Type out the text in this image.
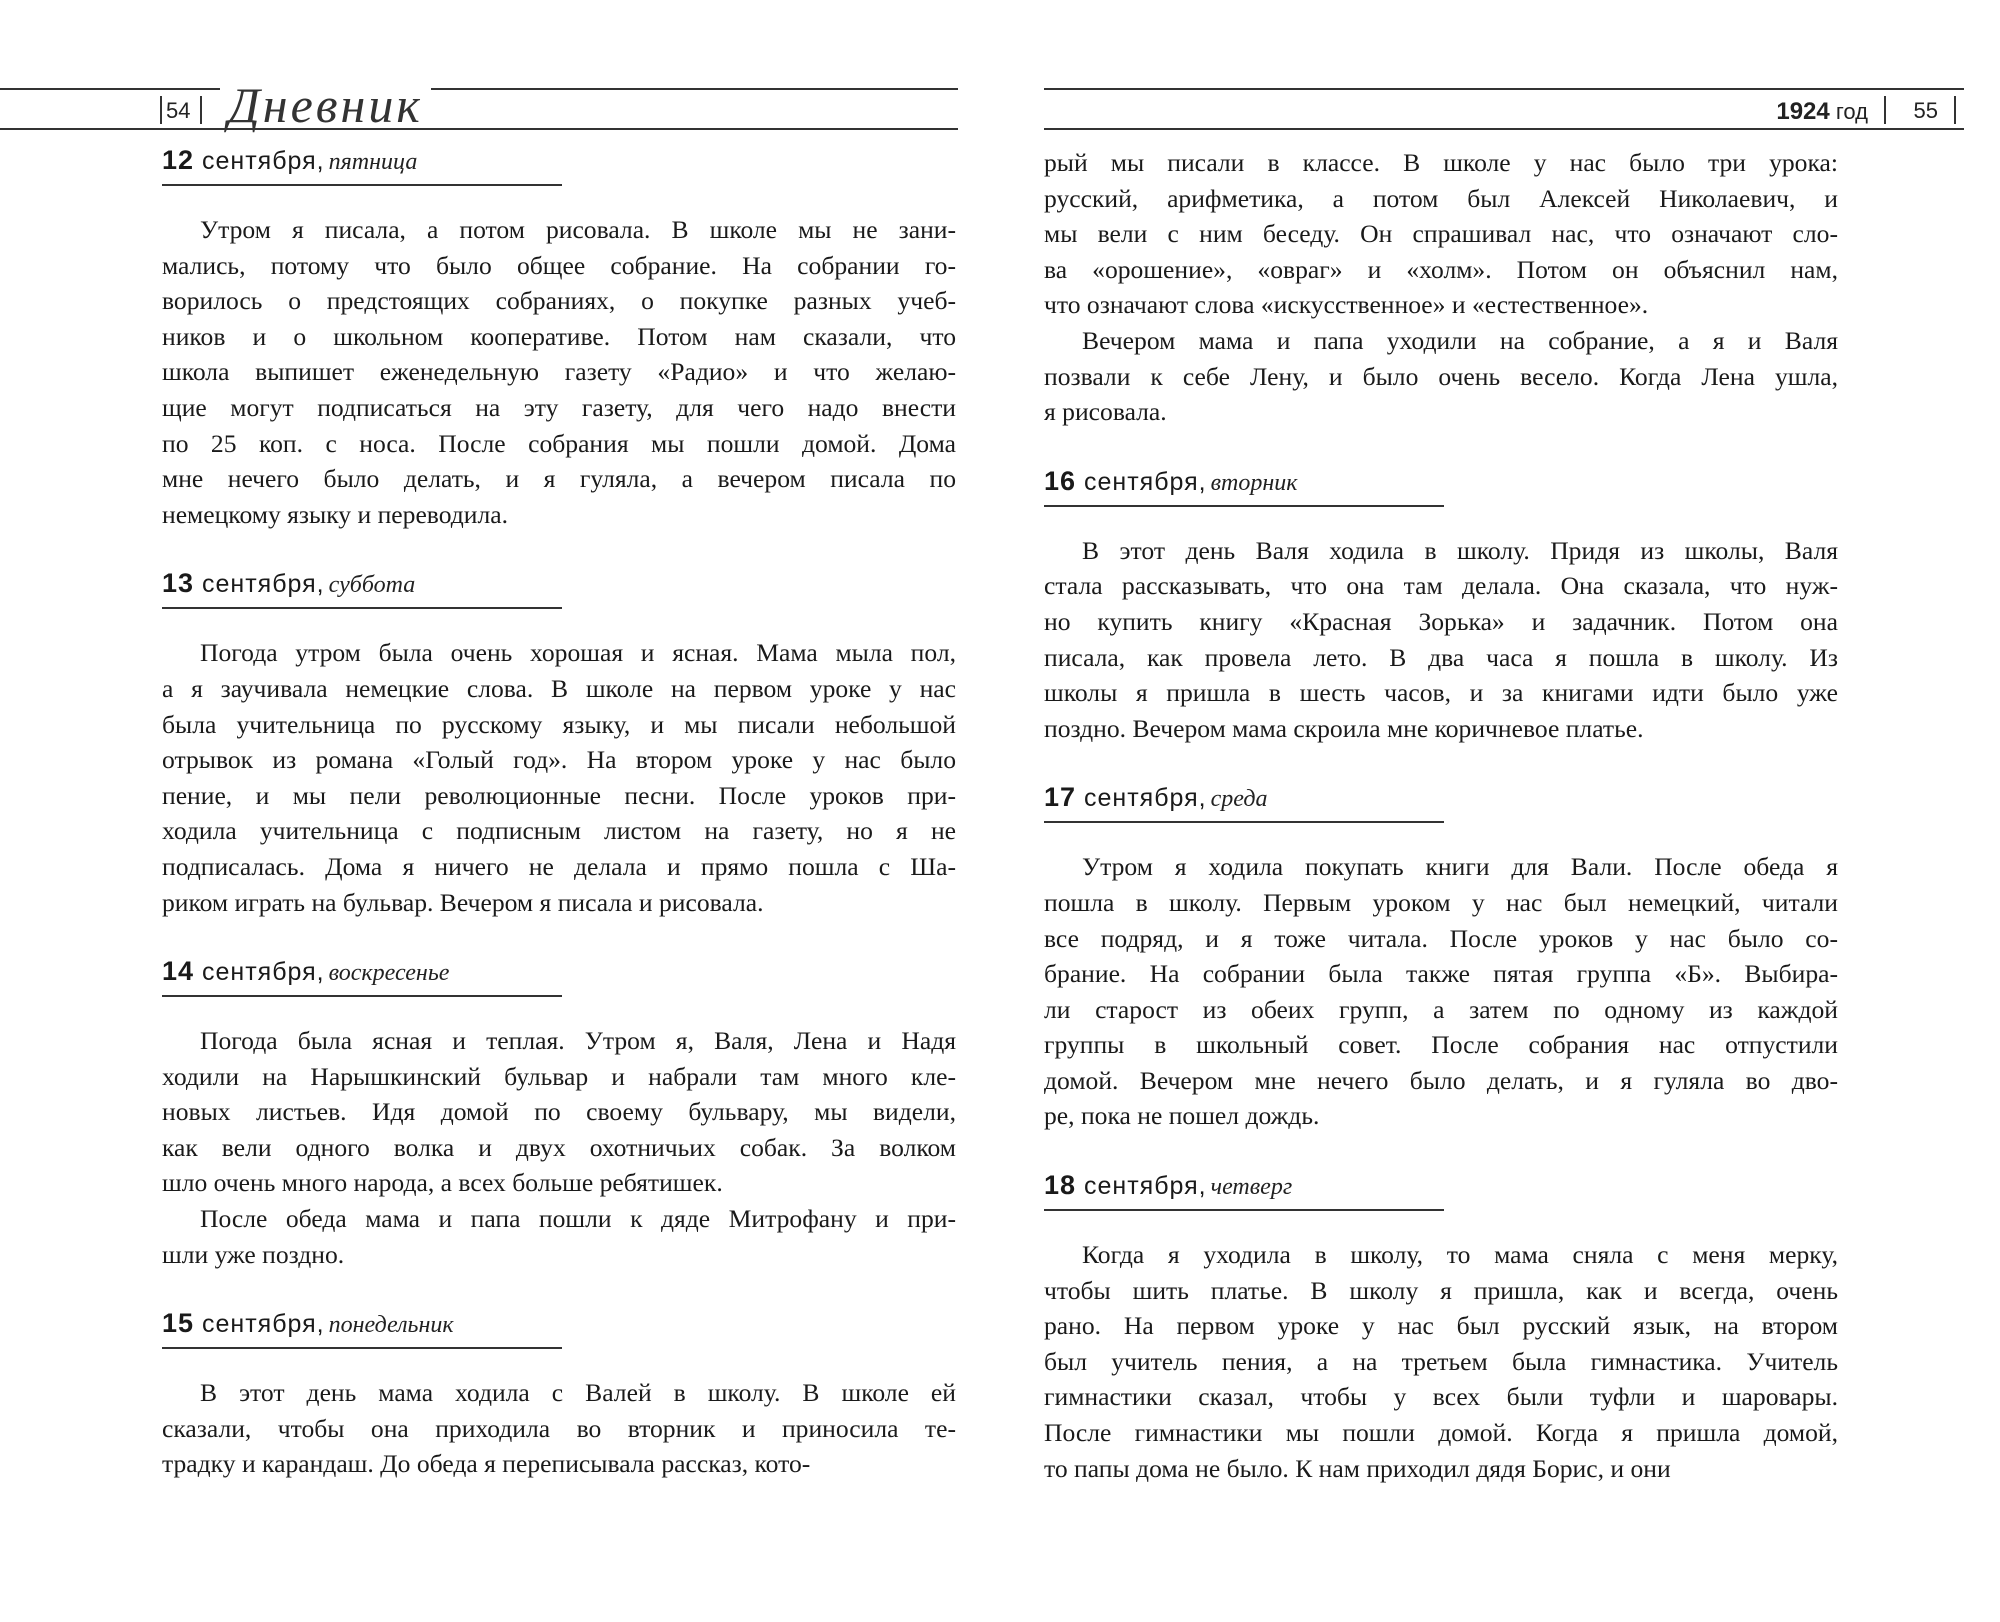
54 Дневник
12 сентября, пятница

Утром я писала, а потом рисовала. В школе мы не зани-
мались, потому что было общее собрание. На собрании го-
ворилось о предстоящих собраниях, о покупке разных учеб-
ников и о школьном кооперативе. Потом нам сказали, что
школа выпишет еженедельную газету «Радио» и что желаю-
щие могут подписаться на эту газету, для чего надо внести
по 25 коп. с носа. После собрания мы пошли домой. Дома
мне нечего было делать, и я гуляла, а вечером писала по
немецкому языку и переводила.

13 сентября, суббота

Погода утром была очень хорошая и ясная. Мама мыла пол,
а я заучивала немецкие слова. В школе на первом уроке у нас
была учительница по русскому языку, и мы писали небольшой
отрывок из романа «Голый год». На втором уроке у нас было
пение, и мы пели революционные песни. После уроков при-
ходила учительница с подписным листом на газету, но я не
подписалась. Дома я ничего не делала и прямо пошла с Ша-
риком играть на бульвар. Вечером я писала и рисовала.

14 сентября, воскресенье

Погода была ясная и теплая. Утром я, Валя, Лена и Надя
ходили на Нарышкинский бульвар и набрали там много кле-
новых листьев. Идя домой по своему бульвару, мы видели,
как вели одного волка и двух охотничьих собак. За волком
шло очень много народа, а всех больше ребятишек.

После обеда мама и папа пошли к дяде Митрофану и при-
шли уже поздно.

15 сентября, понедельник

В этот день мама ходила с Валей в школу. В школе ей
сказали, чтобы она приходила во вторник и приносила те-
традку и карандаш. До обеда я переписывала рассказ, кото-

1924 год 55

рый мы писали в классе. В школе у нас было три урока:
русский, арифметика, а потом был Алексей Николаевич, и
мы вели с ним беседу. Он спрашивал нас, что означают сло-
ва «орошение», «овраг» и «холм». Потом он объяснил нам,
что означают слова «искусственное» и «естественное».

Вечером мама и папа уходили на собрание, а я и Валя
позвали к себе Лену, и было очень весело. Когда Лена ушла,
я рисовала.

16 сентября, вторник

В этот день Валя ходила в школу. Придя из школы, Валя
стала рассказывать, что она там делала. Она сказала, что нуж-
но купить книгу «Красная Зорька» и задачник. Потом она
писала, как провела лето. В два часа я пошла в школу. Из
школы я пришла в шесть часов, и за книгами идти было уже
поздно. Вечером мама скроила мне коричневое платье.

17 сентября, среда

Утром я ходила покупать книги для Вали. После обеда я
пошла в школу. Первым уроком у нас был немецкий, читали
все подряд, и я тоже читала. После уроков у нас было со-
брание. На собрании была также пятая группа «Б». Выбира-
ли старост из обеих групп, а затем по одному из каждой
группы в школьный совет. После собрания нас отпустили
домой. Вечером мне нечего было делать, и я гуляла во дво-
ре, пока не пошел дождь.

18 сентября, четверг

Когда я уходила в школу, то мама сняла с меня мерку,
чтобы шить платье. В школу я пришла, как и всегда, очень
рано. На первом уроке у нас был русский язык, на втором
был учитель пения, а на третьем была гимнастика. Учитель
гимнастики сказал, чтобы у всех были туфли и шаровары.
После гимнастики мы пошли домой. Когда я пришла домой,
то папы дома не было. К нам приходил дядя Борис, и они
